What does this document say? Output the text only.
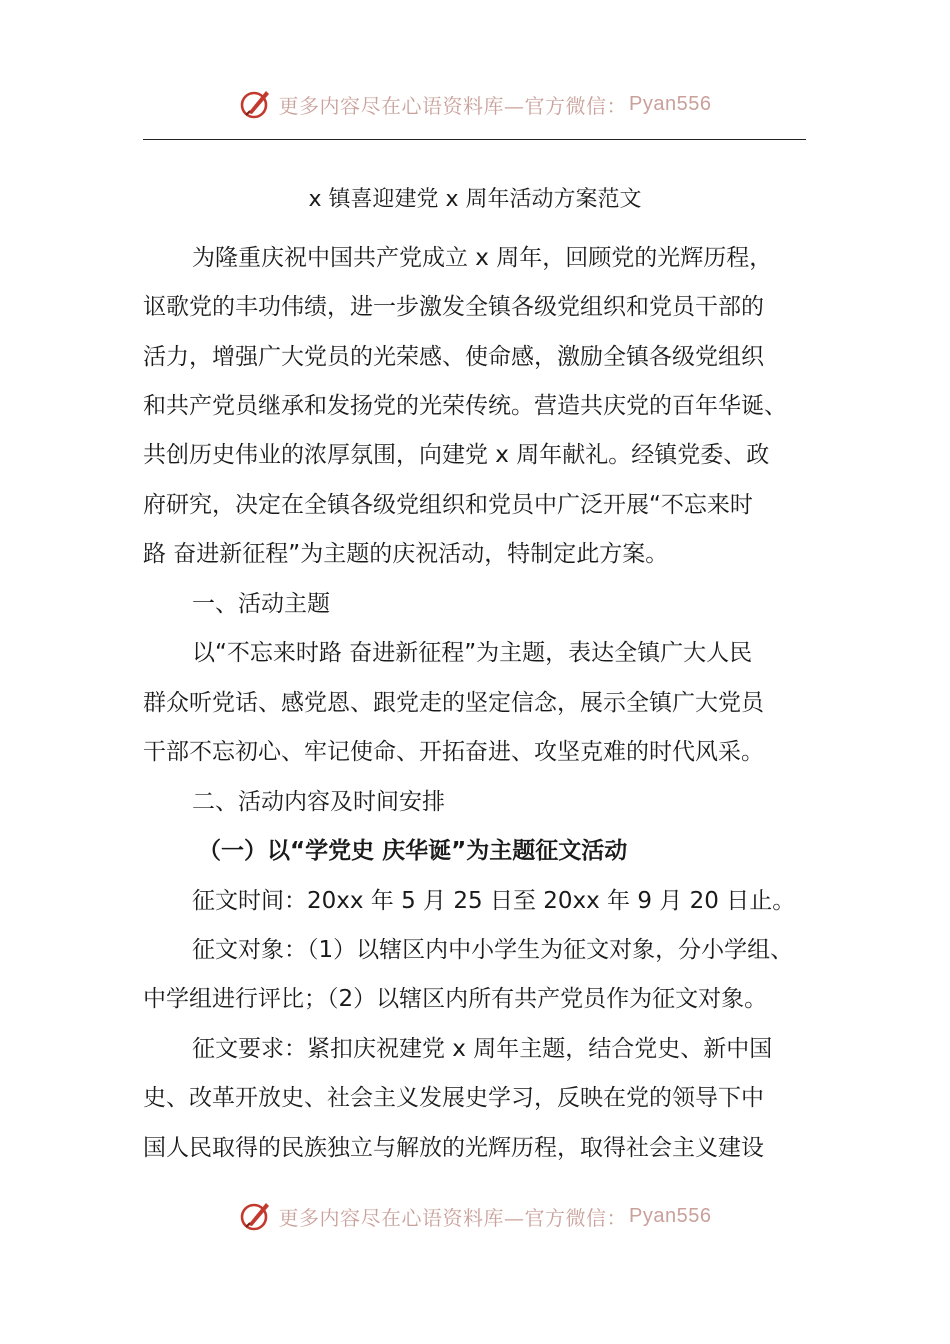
更多内容尽在心语资料库—官方微信： Pyan556
x 镇喜迎建党 x 周年活动方案范文
为隆重庆祝中国共产党成立 x 周年，回顾党的光辉历程，
讴歌党的丰功伟绩，进一步激发全镇各级党组织和党员干部的
活力，增强广大党员的光荣感、使命感，激励全镇各级党组织
和共产党员继承和发扬党的光荣传统。营造共庆党的百年华诞、
共创历史伟业的浓厚氛围，向建党 x 周年献礼。经镇党委、政
府研究，决定在全镇各级党组织和党员中广泛开展“不忘来时
路 奋进新征程”为主题的庆祝活动，特制定此方案。
一、活动主题
以“不忘来时路 奋进新征程”为主题，表达全镇广大人民
群众听党话、感党恩、跟党走的坚定信念，展示全镇广大党员
干部不忘初心、牢记使命、开拓奋进、攻坚克难的时代风采。
二、活动内容及时间安排
（一）以“学党史 庆华诞”为主题征文活动
征文时间：20xx 年 5 月 25 日至 20xx 年 9 月 20 日止。
征文对象：（1）以辖区内中小学生为征文对象，分小学组、
中学组进行评比；（2）以辖区内所有共产党员作为征文对象。
征文要求：紧扣庆祝建党 x 周年主题，结合党史、新中国
史、改革开放史、社会主义发展史学习，反映在党的领导下中
国人民取得的民族独立与解放的光辉历程，取得社会主义建设
更多内容尽在心语资料库—官方微信： Pyan556
